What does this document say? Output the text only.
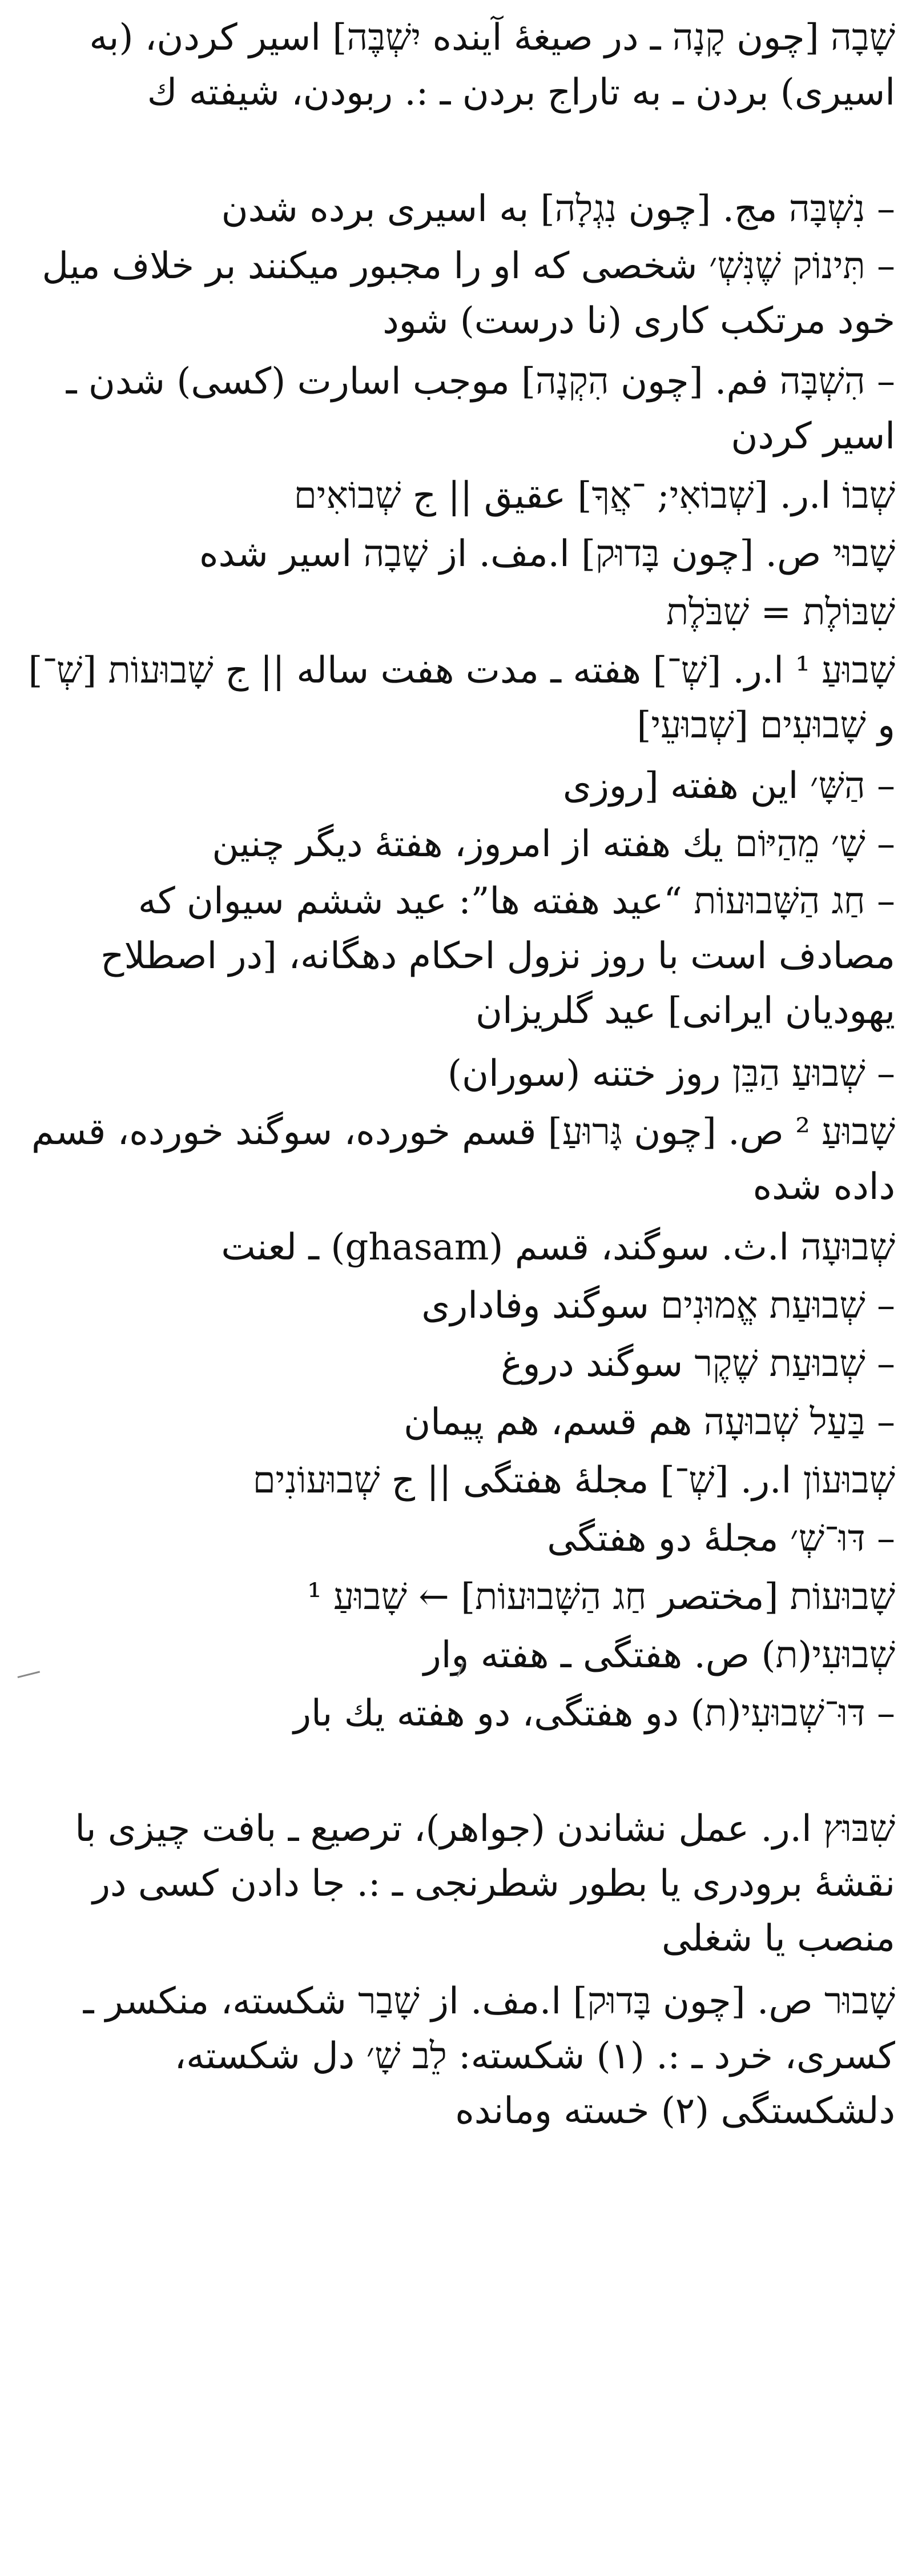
שָׁבָה [چون קָנָה ـ در صيغهٔ آينده יִשְׁבֶּה] اسير كردن، (به اسيرى) بردن ـ به تاراج بردن ـ :. ربودن، شيفته ك
– נִשְׁבָּה مج. [چون נִגְלָה] به اسيرى برده شدن
– תִּינוֹק שֶׁנִּשְׁ׳ شخصى كه او را مجبور ميكنند بر خلاف ميل خود مرتكب كارى (نا درست) شود
– הִשְׁבָּה فم. [چون הִקְנָה] موجب اسارت (كسى) شدن ـ اسير كردن
שְׁבוֹ ا.ر. [שְׁבוֹאִי; ־אֲךָ] عقيق || ج שְׁבוֹאִים
שָׁבוּי ص. [چون בָּדוּק] ا.مف. از שָׁבָה اسير شده
שִׁבּוֹלֶת = שִׁבֹּלֶת
שָׁבוּעַ ¹ ا.ر. [שְׁ־] هفته ـ مدت هفت ساله || ج שָׁבוּעוֹת [שְׁ־] و שָׁבוּעִים [שְׁבוּעֵי]
– הַשָּׁ׳ اين هفته [روزى
– שָׁ׳ מֵהַיּוֹם يك هفته از امروز، هفتهٔ ديگر چنين
– חַג הַשָּׁבוּעוֹת “عيد هفته ها”: عيد ششم سيوان كه مصادف است با روز نزول احكام دهگانه، [در اصطلاح يهوديان ايرانى] عيد گلريزان
– שְׁבוּעַ הַבֵּן روز ختنه (سوران)
שָׁבוּעַ ² ص. [چون גָּרוּעַ] قسم خورده، سوگند خورده، قسم داده شده
שְׁבוּעָה ا.ث. سوگند، قسم (ghasam) ـ لعنت
– שְׁבוּעַת אֱמוּנִים سوگند وفادارى
– שְׁבוּעַת שֶׁקֶר سوگند دروغ
– בַּעַל שְׁבוּעָה هم قسم، هم پيمان
שְׁבוּעוֹן ا.ر. [שְׁ־] مجلهٔ هفتگى || ج שְׁבוּעוֹנִים
– דּוּ־שְׁ׳ مجلهٔ دو هفتگى
שָׁבוּעוֹת [مختصر חַג הַשָּׁבוּעוֹת] ← שָׁבוּעַ ¹
שְׁבוּעִי(ת) ص. هفتگى ـ هفته وار
– דּוּ־שְׁבוּעִי(ת) دو هفتگى، دو هفته يك بار
שִׁבּוּץ ا.ر. عمل نشاندن (جواهر)، ترصيع ـ بافت چيزى با نقشهٔ برودرى يا بطور شطرنجى ـ :. جا دادن كسى در منصب يا شغلى
שָׁבוּר ص. [چون בָּדוּק] ا.مف. از שָׁבַר شكسته، منكسر ـ كسرى، خرد ـ :. (١) شكسته: לֵב שָׁ׳ دل شكسته، دلشكستگى (٢) خسته ومانده
